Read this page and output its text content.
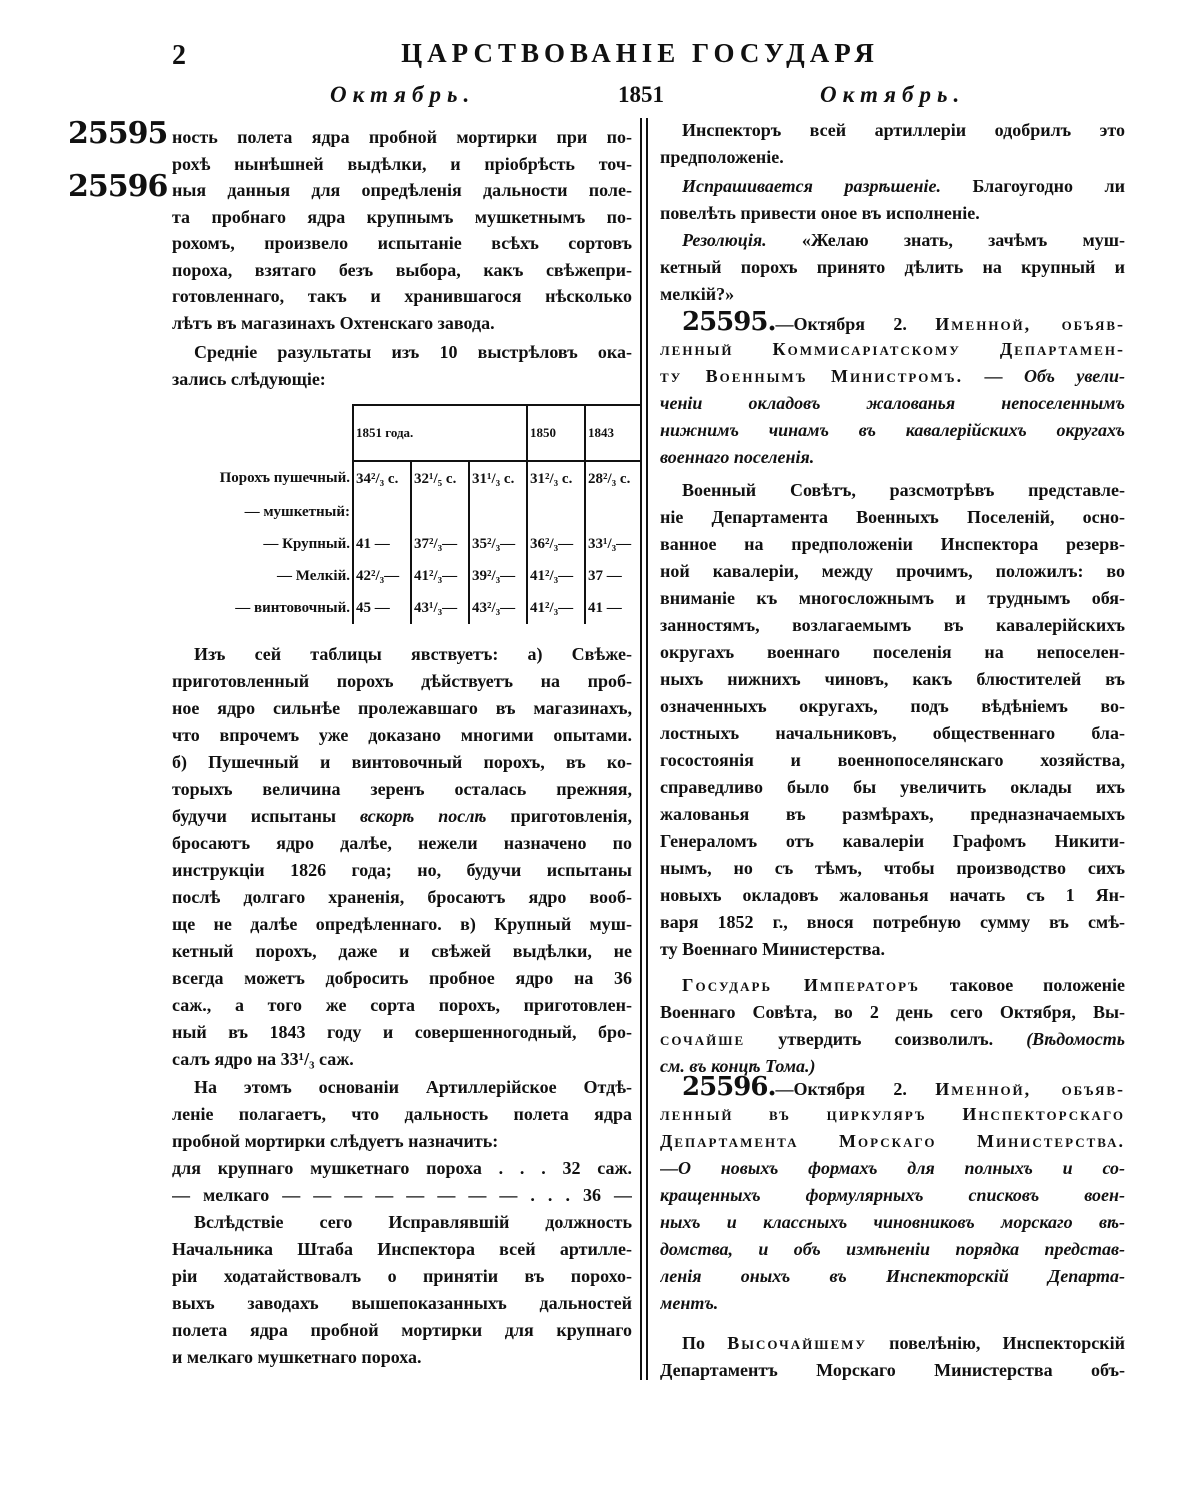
2	ЦАРСТВОВАНІЕ ГОСУДАРЯ
Октябрь.	1851	Октябрь.
25595
25596
ность полета ядра пробной мортирки при по-
рохѣ нынѣшней выдѣлки, и пріобрѣсть точ-
ныя данныя для опредѣленія дальности поле-
та пробнаго ядра крупнымъ мушкетнымъ по-
рохомъ, произвело испытаніе всѣхъ сортовъ
пороха, взятаго безъ выбора, какъ свѣжепри-
готовленнаго, такъ и хранившагося нѣсколько
лѣтъ въ магазинахъ Охтенскаго завода.
Средніе разультаты изъ 10 выстрѣловъ ока-
зались слѣдующіе:
	1851 года.			1850	1843
Порохъ пушечный.	34²/₃ с.	32¹/₅ с.	31¹/₃ с.	31²/₃ с.	28²/₃ с.
— мушкетный:					
— Крупный.	41 —	37²/₃—	35²/₃—	36²/₃—	33¹/₃—
— Мелкій.	42²/₃—	41²/₃—	39²/₃—	41²/₃—	37 —
— винтовочный.	45 —	43¹/₃—	43²/₃—	41²/₃—	41 —
Изъ сей таблицы явствуетъ: а) Свѣже-
приготовленный порохъ дѣйствуетъ на проб-
ное ядро сильнѣе пролежавшаго въ магазинахъ,
что впрочемъ уже доказано многими опытами.
б) Пушечный и винтовочный порохъ, въ ко-
торыхъ величина зеренъ осталась прежняя,
будучи испытаны вскорѣ послѣ приготовленія,
бросаютъ ядро далѣе, нежели назначено по
инструкціи 1826 года; но, будучи испытаны
послѣ долгаго храненія, бросаютъ ядро вооб-
ще не далѣе опредѣленнаго. в) Крупный муш-
кетный порохъ, даже и свѣжей выдѣлки, не
всегда можетъ добросить пробное ядро на 36
саж., а того же сорта порохъ, приготовлен-
ный въ 1843 году и совершенногодный, бро-
салъ ядро на 33¹/₃ саж.
На этомъ основаніи Артиллерійское Отдѣ-
леніе полагаетъ, что дальность полета ядра
пробной мортирки слѣдуетъ назначить:
для крупнаго мушкетнаго пороха . . . 32 саж.
— мелкаго — — — — — — — — . . . 36 —
Вслѣдствіе сего Исправлявшій должность
Начальника Штаба Инспектора всей артилле-
ріи ходатайствовалъ о принятіи въ порохо-
выхъ заводахъ вышепоказанныхъ дальностей
полета ядра пробной мортирки для крупнаго
и мелкаго мушкетнаго пороха.
Инспекторъ всей артиллеріи одобрилъ это
предположеніе.
Испрашивается разрѣшеніе. Благоугодно ли
повелѣть привести оное въ исполненіе.
Резолюція. «Желаю знать, зачѣмъ муш-
кетный порохъ принято дѣлить на крупный и
мелкій?»
25595.—Октября 2. Именной, объяв-
ленный Коммисаріатскому Департамен-
ту Военнымъ Министромъ. — Объ увели-
ченіи окладовъ жалованья непоселеннымъ
нижнимъ чинамъ въ кавалерійскихъ округахъ
военнаго поселенія.
Военный Совѣтъ, разсмотрѣвъ представле-
ніе Департамента Военныхъ Поселеній, осно-
ванное на предположеніи Инспектора резерв-
ной кавалеріи, между прочимъ, положилъ: во
вниманіе къ многосложнымъ и труднымъ обя-
занностямъ, возлагаемымъ въ кавалерійскихъ
округахъ военнаго поселенія на непоселен-
ныхъ нижнихъ чиновъ, какъ блюстителей въ
означенныхъ округахъ, подъ вѣдѣніемъ во-
лостныхъ начальниковъ, общественнаго бла-
госостоянія и военнопоселянскаго хозяйства,
справедливо было бы увеличить оклады ихъ
жалованья въ размѣрахъ, предназначаемыхъ
Генераломъ отъ кавалеріи Графомъ Никити-
нымъ, но съ тѣмъ, чтобы производство сихъ
новыхъ окладовъ жалованья начать съ 1 Ян-
варя 1852 г., внося потребную сумму въ смѣ-
ту Военнаго Министерства.
Государь Императоръ таковое положеніе
Военнаго Совѣта, во 2 день сего Октября, Вы-
сочайше утвердить соизволилъ. (Вѣдомость
см. въ концѣ Тома.)
25596.—Октября 2. Именной, объяв-
ленный въ циркуляръ Инспекторскаго
Департамента Морскаго Министерства.
—О новыхъ формахъ для полныхъ и со-
кращенныхъ формулярныхъ списковъ воен-
ныхъ и классныхъ чиновниковъ морскаго вѣ-
домства, и объ измѣненіи порядка представ-
ленія оныхъ въ Инспекторскій Департа-
ментъ.
По Высочайшему повелѣнію, Инспекторскій
Департаментъ Морскаго Министерства объ-
